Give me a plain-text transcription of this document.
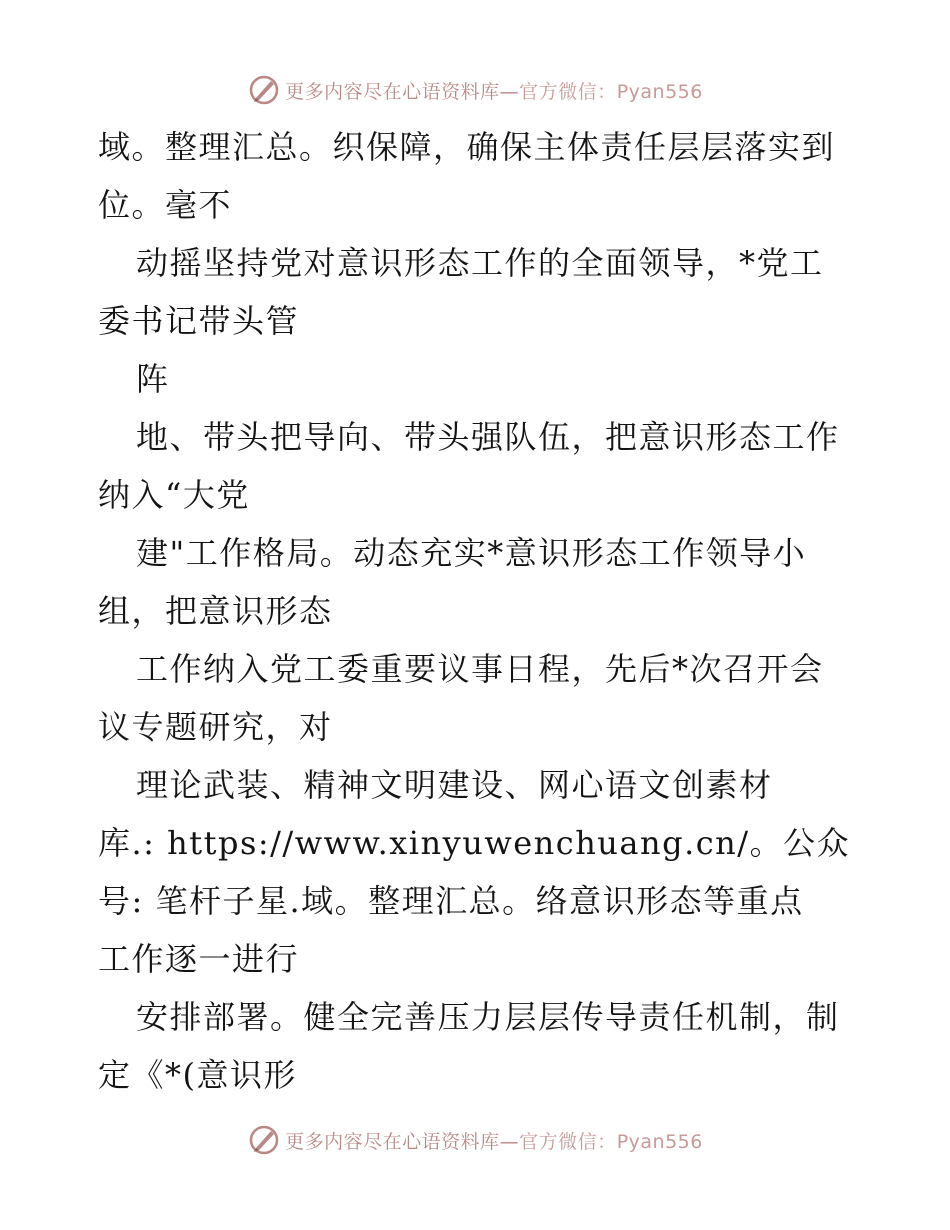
更多内容尽在心语资料库—官方微信：Pyan556
域。整理汇总。织保障，确保主体责任层层落实到
位。毫不
动摇坚持党对意识形态工作的全面领导，*党工
委书记带头管
阵
地、带头把导向、带头强队伍，把意识形态工作
纳入“大党
建"工作格局。动态充实*意识形态工作领导小
组，把意识形态
工作纳入党工委重要议事日程，先后*次召开会
议专题研究，对
理论武装、精神文明建设、网心语文创素材
库.: https://www.xinyuwenchuang.cn/。公众
号: 笔杆子星.域。整理汇总。络意识形态等重点
工作逐一进行
安排部署。健全完善压力层层传导责任机制，制
定《*(意识形
更多内容尽在心语资料库—官方微信：Pyan556
